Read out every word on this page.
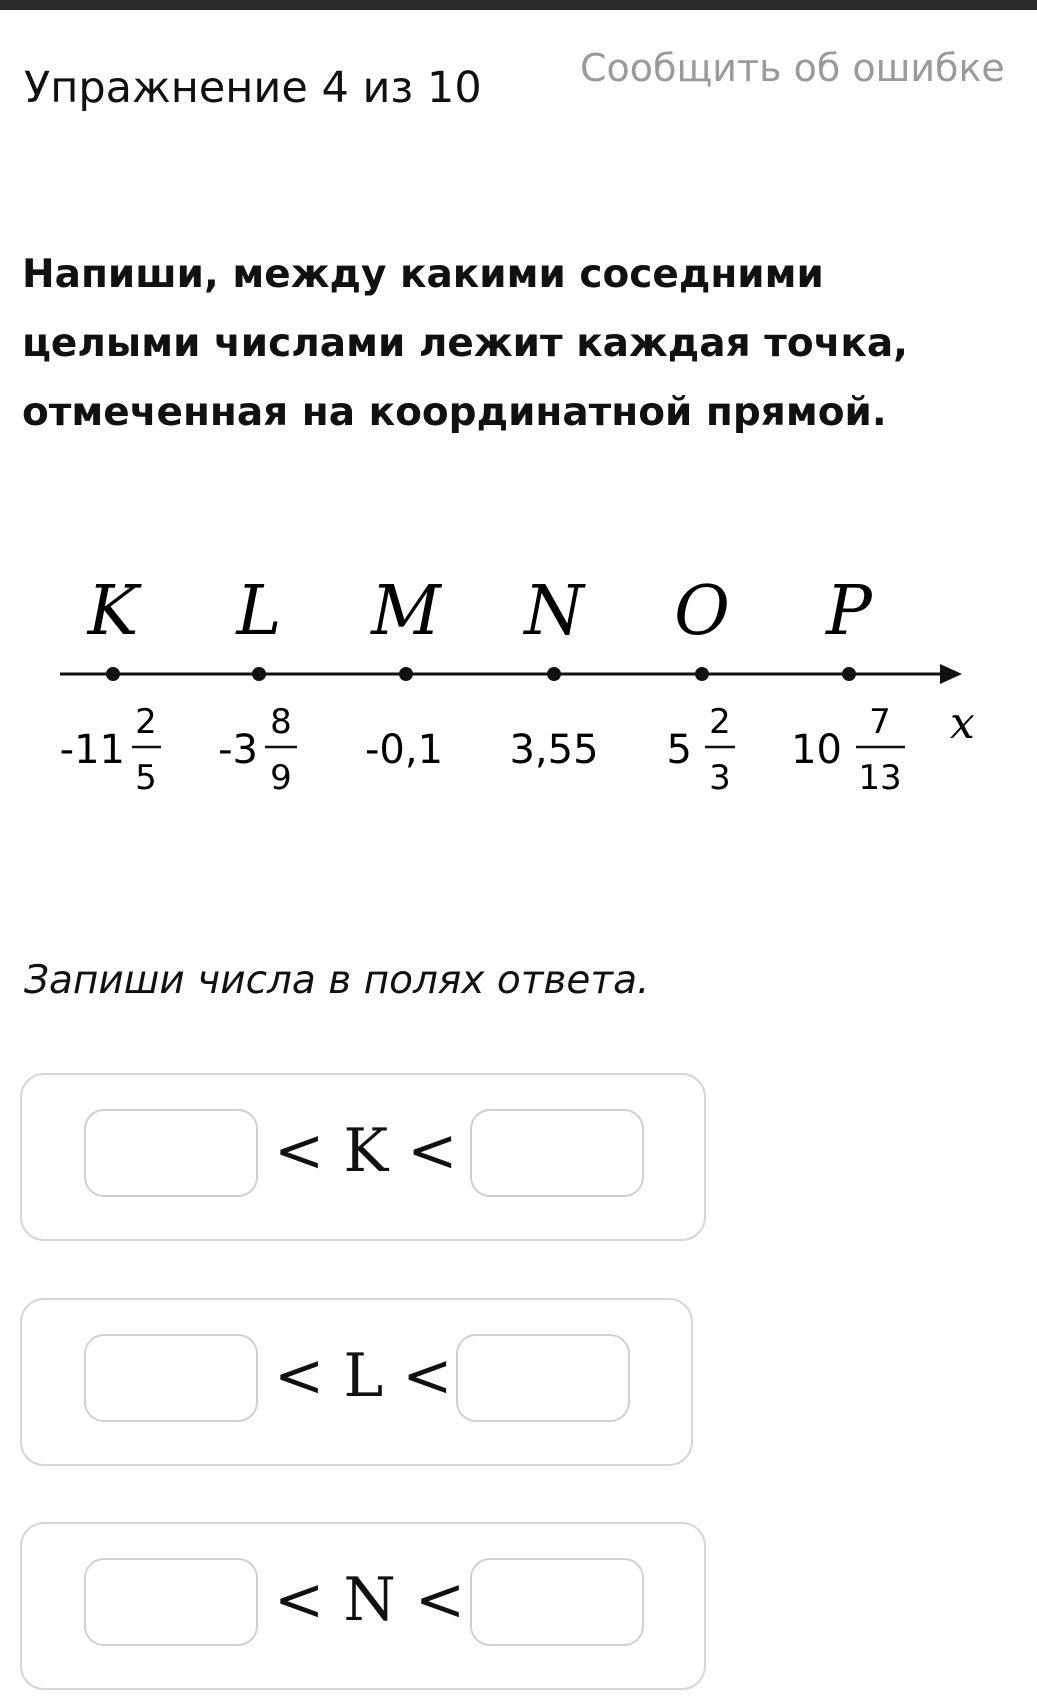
Упражнение 4 из 10	Сообщить об ошибке

Напиши, между какими соседними целыми числами лежит каждая точка, отмеченная на координатной прямой.

x
K
-11
2
5
L
-3
8
9
M
-0,1
N
3,55
O
5
2
3
P
10
7
13

Запиши числа в полях ответа.

< K <
< L <
< N <
